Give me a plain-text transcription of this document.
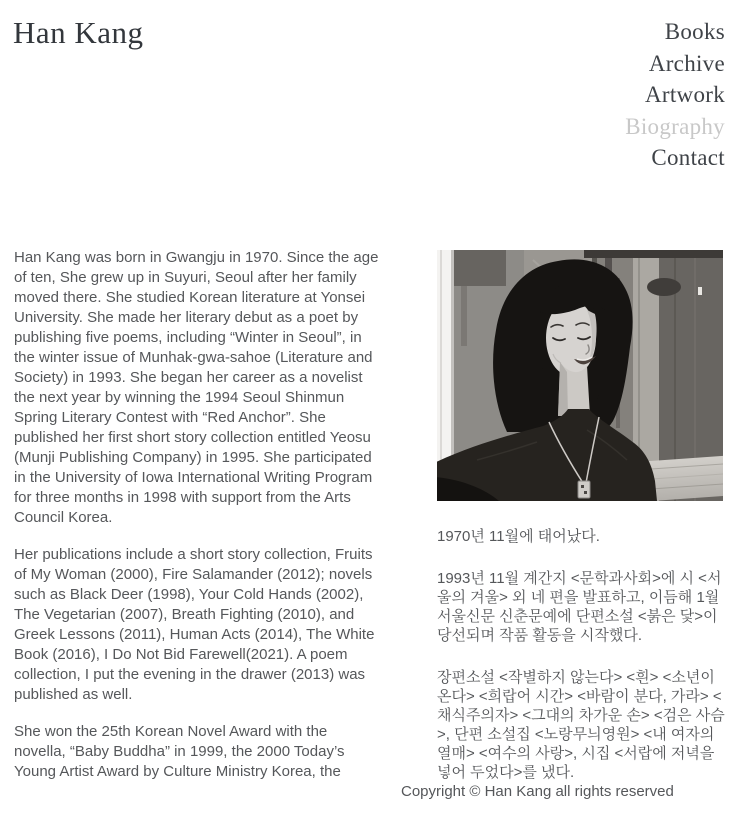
Han Kang	Books
Archive
Artwork
Biography
Contact

Han Kang was born in Gwangju in 1970. Since the age of ten, She grew up in Suyuri, Seoul after her family moved there. She studied Korean literature at Yonsei University. She made her literary debut as a poet by publishing five poems, including “Winter in Seoul”, in the winter issue of Munhak-gwa-sahoe (Literature and Society) in 1993. She began her career as a novelist the next year by winning the 1994 Seoul Shinmun Spring Literary Contest with “Red Anchor”. She published her first short story collection entitled Yeosu (Munji Publishing Company) in 1995. She participated in the University of Iowa International Writing Program for three months in 1998 with support from the Arts Council Korea.

Her publications include a short story collection, Fruits of My Woman (2000), Fire Salamander (2012); novels such as Black Deer (1998), Your Cold Hands (2002), The Vegetarian (2007), Breath Fighting (2010), and Greek Lessons (2011), Human Acts (2014), The White Book (2016), I Do Not Bid Farewell(2021). A poem collection, I put the evening in the drawer (2013) was published as well.

She won the 25th Korean Novel Award with the novella, “Baby Buddha” in 1999, the 2000 Today’s Young Artist Award by Culture Ministry Korea, the

1970년 11월에 태어났다.

1993년 11월 계간지 <문학과사회>에 시 <서울의 겨울> 외 네 편을 발표하고, 이듬해 1월 서울신문 신춘문예에 단편소설 <붉은 닻>이 당선되며 작품 활동을 시작했다.

장편소설 <작별하지 않는다> <흰> <소년이 온다> <희랍어 시간> <바람이 분다, 가라> <채식주의자> <그대의 차가운 손> <검은 사슴>, 단편 소설집 <노랑무늬영원> <내 여자의 열매> <여수의 사랑>, 시집 <서랍에 저녁을 넣어 두었다>를 냈다.

Copyright © Han Kang all rights reserved
